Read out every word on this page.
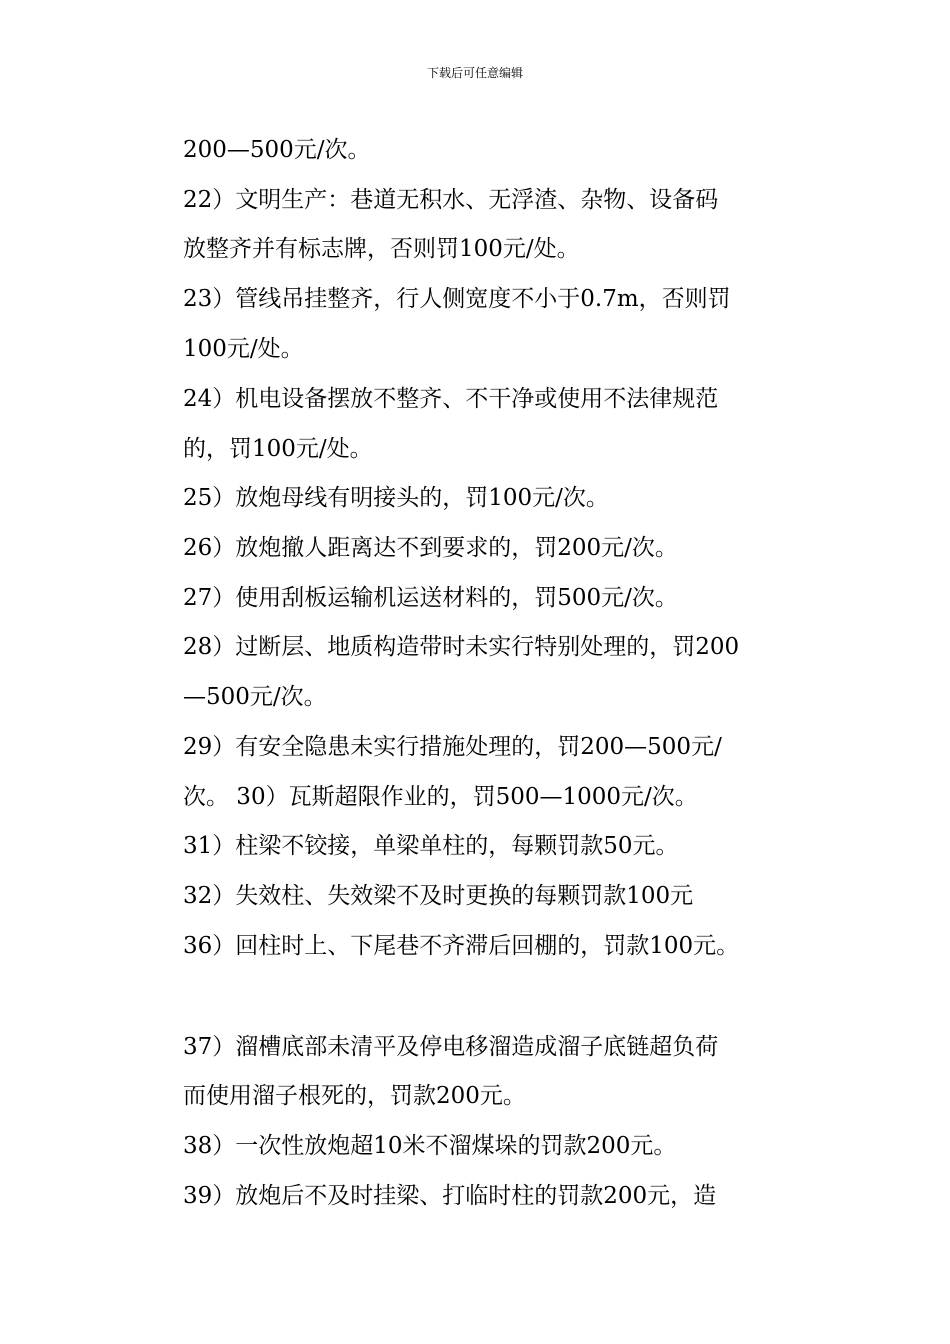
下载后可任意编辑
200—500元/次。
22）文明生产：巷道无积水、无浮渣、杂物、设备码
放整齐并有标志牌，否则罚100元/处。
23）管线吊挂整齐，行人侧宽度不小于0.7m，否则罚
100元/处。
24）机电设备摆放不整齐、不干净或使用不法律规范
的，罚100元/处。
25）放炮母线有明接头的，罚100元/次。
26）放炮撤人距离达不到要求的，罚200元/次。
27）使用刮板运输机运送材料的，罚500元/次。
28）过断层、地质构造带时未实行特别处理的，罚200
—500元/次。
29）有安全隐患未实行措施处理的，罚200—500元/
次。 30）瓦斯超限作业的，罚500—1000元/次。
31）柱梁不铰接，单梁单柱的，每颗罚款50元。
32）失效柱、失效梁不及时更换的每颗罚款100元
36）回柱时上、下尾巷不齐滞后回棚的，罚款100元。
37）溜槽底部未清平及停电移溜造成溜子底链超负荷
而使用溜子根死的，罚款200元。
38）一次性放炮超10米不溜煤垛的罚款200元。
39）放炮后不及时挂梁、打临时柱的罚款200元，造
